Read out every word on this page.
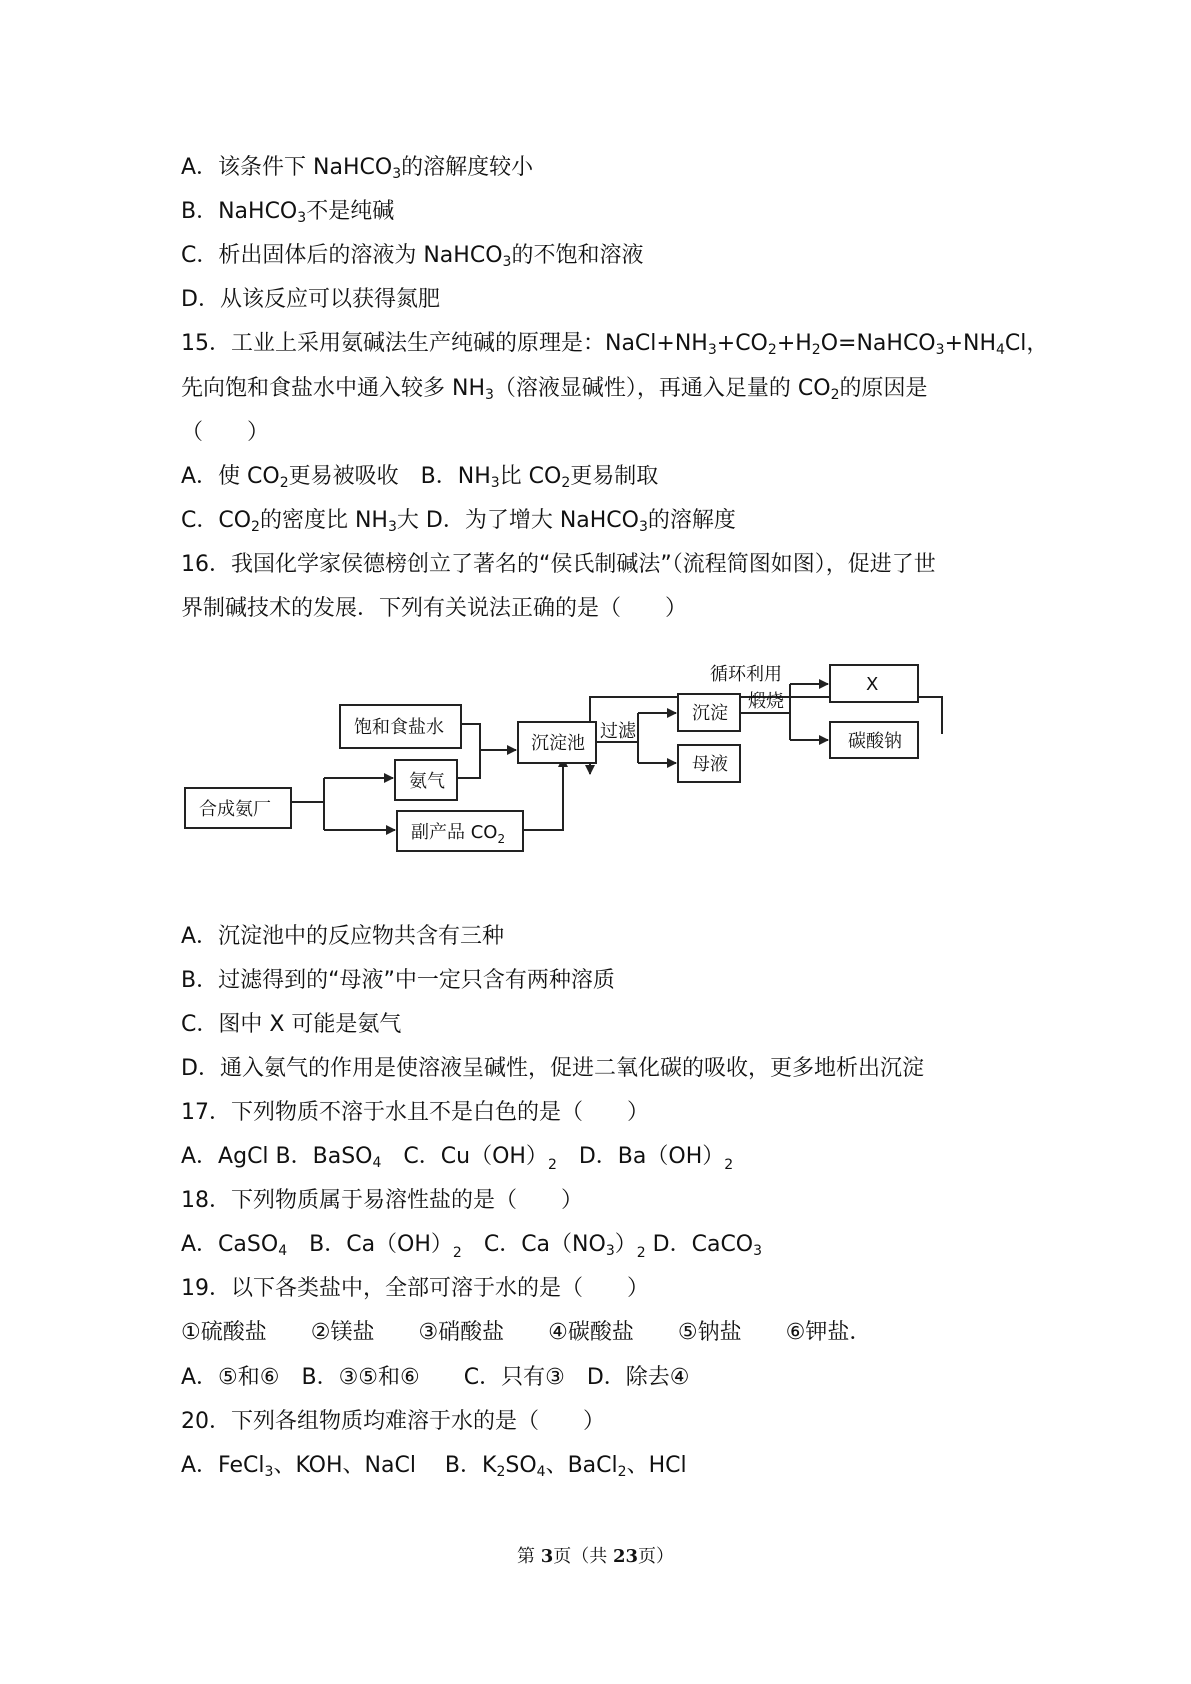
A．该条件下 NaHCO$_3$的溶解度较小
B．NaHCO$_3$不是纯碱
C．析出固体后的溶液为 NaHCO$_3$的不饱和溶液
D．从该反应可以获得氮肥
15．工业上采用氨碱法生产纯碱的原理是：$NaCl+NH_3+CO_2+H_2O=NaHCO_3+NH_4Cl$，
先向饱和食盐水中通入较多 $NH_3$（溶液显碱性），再通入足量的 $CO_2$的原因是
（　　）
A．使 $CO_2$更易被吸收　B．$NH_3$比 $CO_2$更易制取
C．$CO_2$的密度比 $NH_3$大 D．为了增大 NaHCO$_3$的溶解度
16．我国化学家侯德榜创立了著名的“侯氏制碱法”（流程简图如图），促进了世
界制碱技术的发展．下列有关说法正确的是（　　）
循环利用
饱和食盐水
氨气
合成氨厂
副产品 $CO_2$
沉淀池
过滤
沉淀
母液
煅烧
X
碳酸钠
A．沉淀池中的反应物共含有三种
B．过滤得到的“母液”中一定只含有两种溶质
C．图中 X 可能是氨气
D．通入氨气的作用是使溶液呈碱性，促进二氧化碳的吸收，更多地析出沉淀
17．下列物质不溶于水且不是白色的是（　　）
A．AgCl B．BaSO$_4$　C．$Cu(OH)_2$　D．$Ba(OH)_2$
18．下列物质属于易溶性盐的是（　　）
A．CaSO$_4$　B．$Ca(OH)_2$　C．$Ca(NO_3)_2$ D．CaCO$_3$
19．以下各类盐中，全部可溶于水的是（　　）
①硫酸盐　　②镁盐　　③硝酸盐　　④碳酸盐　　⑤钠盐　　⑥钾盐．
A．⑤和⑥　B．③⑤和⑥　　C．只有③　D．除去④
20．下列各组物质均难溶于水的是（　　）
A．FeCl$_3$、KOH、NaCl　 B．$K_2SO_4$、BaCl$_2$、HCl
第 3页（共 23页）
